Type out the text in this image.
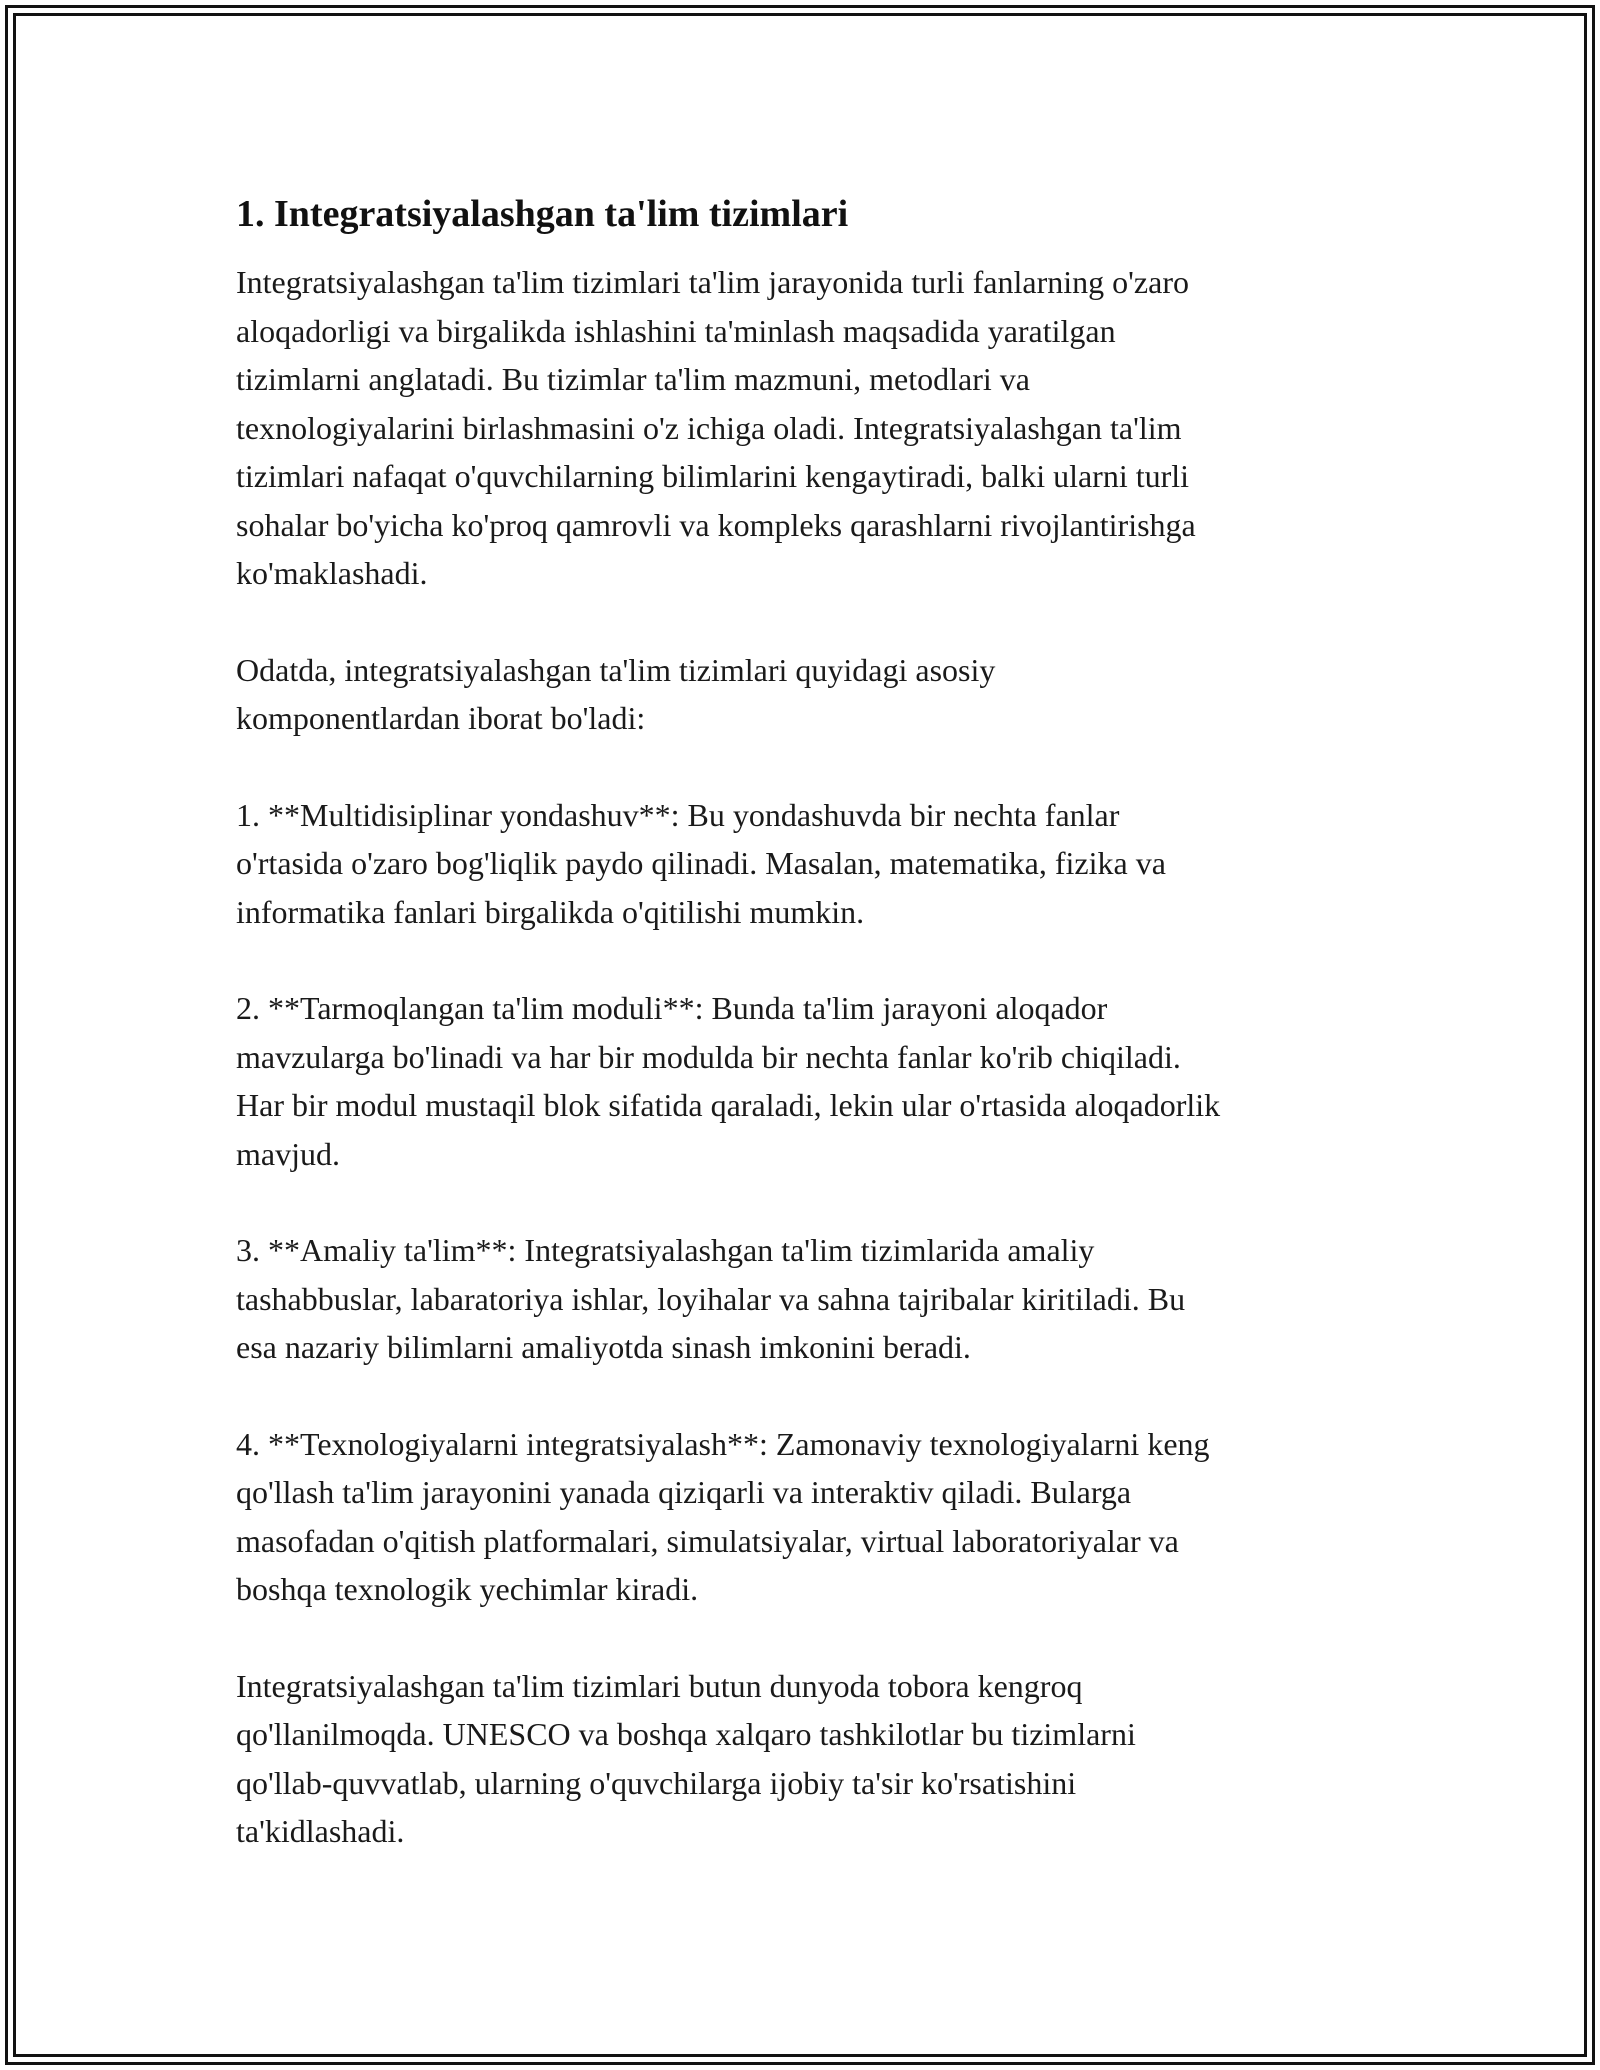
1. Integratsiyalashgan ta'lim tizimlari

Integratsiyalashgan ta'lim tizimlari ta'lim jarayonida turli fanlarning o'zaro
aloqadorligi va birgalikda ishlashini ta'minlash maqsadida yaratilgan
tizimlarni anglatadi. Bu tizimlar ta'lim mazmuni, metodlari va
texnologiyalarini birlashmasini o'z ichiga oladi. Integratsiyalashgan ta'lim
tizimlari nafaqat o'quvchilarning bilimlarini kengaytiradi, balki ularni turli
sohalar bo'yicha ko'proq qamrovli va kompleks qarashlarni rivojlantirishga
ko'maklashadi.

Odatda, integratsiyalashgan ta'lim tizimlari quyidagi asosiy
komponentlardan iborat bo'ladi:

1. **Multidisiplinar yondashuv**: Bu yondashuvda bir nechta fanlar
o'rtasida o'zaro bog'liqlik paydo qilinadi. Masalan, matematika, fizika va
informatika fanlari birgalikda o'qitilishi mumkin.

2. **Tarmoqlangan ta'lim moduli**: Bunda ta'lim jarayoni aloqador
mavzularga bo'linadi va har bir modulda bir nechta fanlar ko'rib chiqiladi.
Har bir modul mustaqil blok sifatida qaraladi, lekin ular o'rtasida aloqadorlik
mavjud.

3. **Amaliy ta'lim**: Integratsiyalashgan ta'lim tizimlarida amaliy
tashabbuslar, labaratoriya ishlar, loyihalar va sahna tajribalar kiritiladi. Bu
esa nazariy bilimlarni amaliyotda sinash imkonini beradi.

4. **Texnologiyalarni integratsiyalash**: Zamonaviy texnologiyalarni keng
qo'llash ta'lim jarayonini yanada qiziqarli va interaktiv qiladi. Bularga
masofadan o'qitish platformalari, simulatsiyalar, virtual laboratoriyalar va
boshqa texnologik yechimlar kiradi.

Integratsiyalashgan ta'lim tizimlari butun dunyoda tobora kengroq
qo'llanilmoqda. UNESCO va boshqa xalqaro tashkilotlar bu tizimlarni
qo'llab-quvvatlab, ularning o'quvchilarga ijobiy ta'sir ko'rsatishini
ta'kidlashadi.
